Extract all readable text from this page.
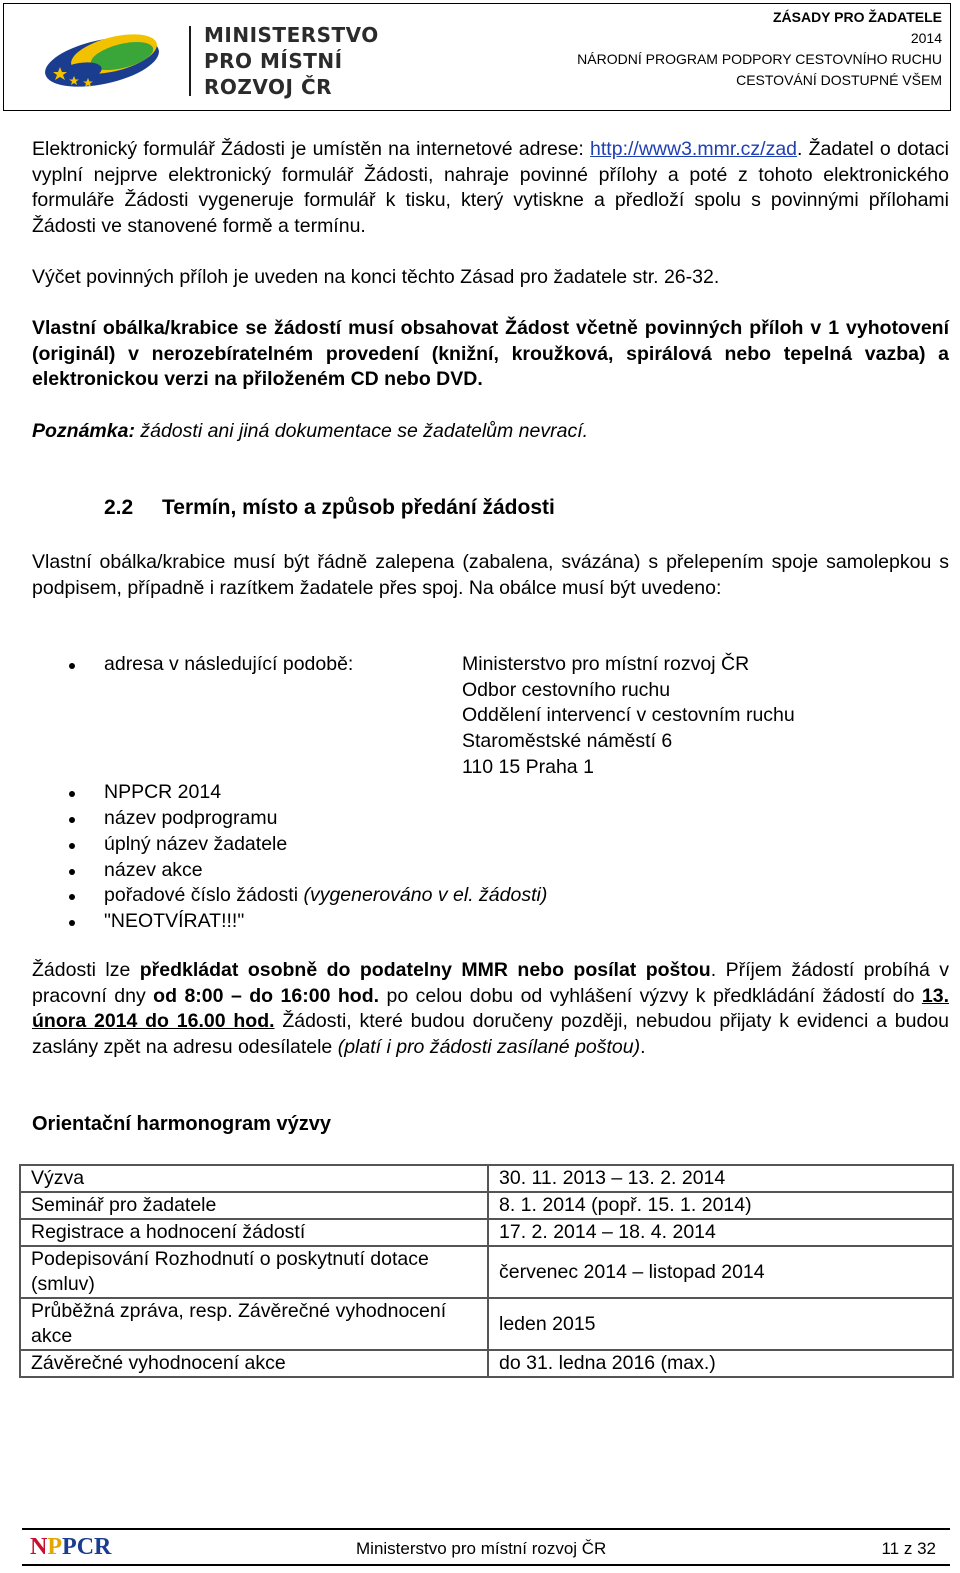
MINISTERSTVO
PRO MÍSTNÍ
ROZVOJ ČR
ZÁSADY PRO ŽADATELE
2014
NÁRODNÍ PROGRAM PODPORY CESTOVNÍHO RUCHU
CESTOVÁNÍ DOSTUPNÉ VŠEM
Elektronický formulář Žádosti je umístěn na internetové adrese: http://www3.mmr.cz/zad. Žadatel o dotaci vyplní nejprve elektronický formulář Žádosti, nahraje povinné přílohy a poté z tohoto elektronického formuláře Žádosti vygeneruje formulář k tisku, který vytiskne a předloží spolu s povinnými přílohami Žádosti ve stanovené formě a termínu.
Výčet povinných příloh je uveden na konci těchto Zásad pro žadatele str. 26-32.
Vlastní obálka/krabice se žádostí musí obsahovat Žádost včetně povinných příloh v 1 vyhotovení (originál) v nerozebíratelném provedení (knižní, kroužková, spirálová nebo tepelná vazba) a elektronickou verzi na přiloženém CD nebo DVD.
Poznámka: žádosti ani jiná dokumentace se žadatelům nevrací.
2.2 Termín, místo a způsob předání žádosti
Vlastní obálka/krabice musí být řádně zalepena (zabalena, svázána) s přelepením spoje samolepkou s podpisem, případně i razítkem žadatele přes spoj. Na obálce musí být uvedeno:
adresa v následující podobě:	Ministerstvo pro místní rozvoj ČR
Odbor cestovního ruchu
Oddělení intervencí v cestovním ruchu
Staroměstské náměstí 6
110 15 Praha 1
NPPCR 2014
název podprogramu
úplný název žadatele
název akce
pořadové číslo žádosti (vygenerováno v el. žádosti)
"NEOTVÍRAT!!!"
Žádosti lze předkládat osobně do podatelny MMR nebo posílat poštou. Příjem žádostí probíhá v pracovní dny od 8:00 – do 16:00 hod. po celou dobu od vyhlášení výzvy k předkládání žádostí do 13. února 2014 do 16.00 hod. Žádosti, které budou doručeny později, nebudou přijaty k evidenci a budou zaslány zpět na adresu odesílatele (platí i pro žádosti zasílané poštou).
Orientační harmonogram výzvy
Výzva	30. 11. 2013 – 13. 2. 2014
Seminář pro žadatele	8. 1. 2014 (popř. 15. 1. 2014)
Registrace a hodnocení žádostí	17. 2. 2014 – 18. 4. 2014
Podepisování Rozhodnutí o poskytnutí dotace (smluv)	červenec 2014 – listopad 2014
Průběžná zpráva, resp. Závěrečné vyhodnocení akce	leden 2015
Závěrečné vyhodnocení akce	do 31. ledna 2016 (max.)
NPPCR	Ministerstvo pro místní rozvoj ČR	11 z 32
